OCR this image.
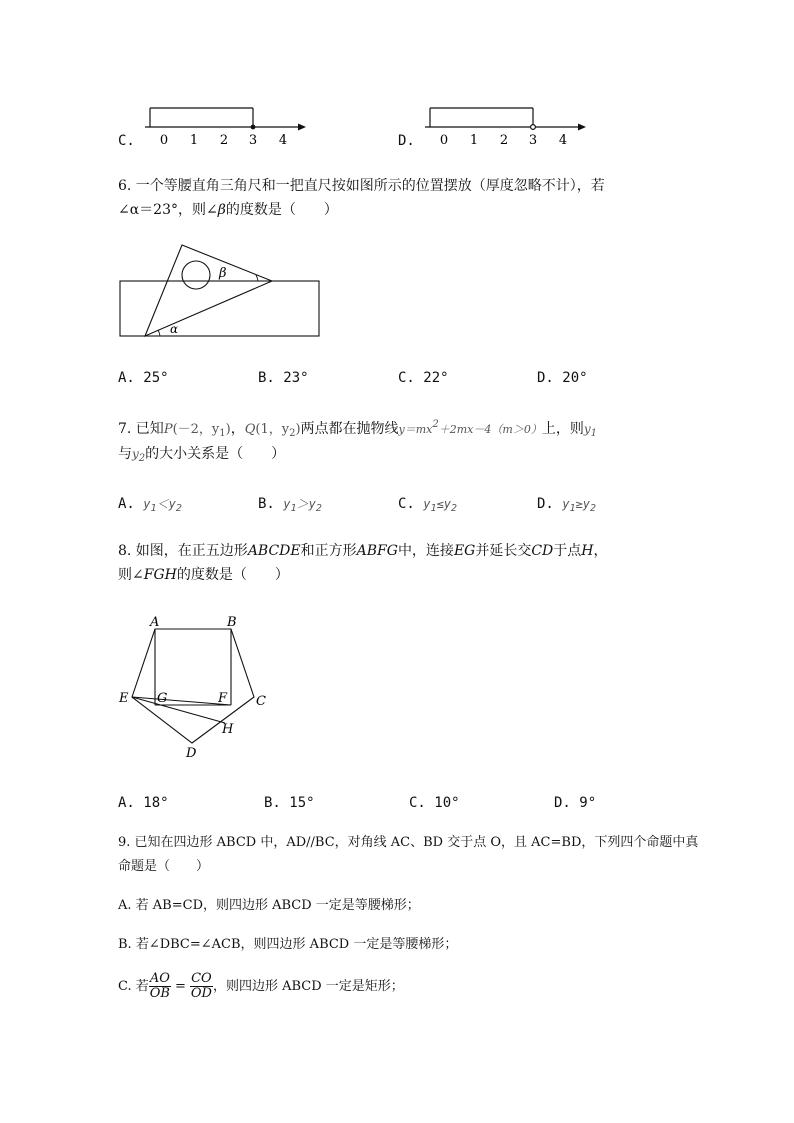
C. 0 1 2 3 4	D. 0 1 2 3 4
6. 一个等腰直角三角尺和一把直尺按如图所示的位置摆放（厚度忽略不计），若
∠α＝23°，则∠β的度数是（　　）
β
α
A. 25°	B. 23°	C. 22°	D. 20°
7. 已知P(－2，$y_1$)，Q(1，$y_2$)两点都在抛物线y＝mx2＋2mx－4（m＞0）上，则$y_1$
与$y_2$的大小关系是（　　）
A. $y_1<y_2$	B. $y_1>y_2$	C. $y_1\le y_2$	D. $y_1\ge y_2$
8. 如图，在正五边形ABCDE和正方形ABFG中，连接EG并延长交CD于点H，
则∠FGH的度数是（　　）
A	B
C
D
E	F
G
H
A. 18°	B. 15°	C. 10°	D. 9°
9. 已知在四边形 ABCD 中，AD//BC，对角线 AC、BD 交于点 O，且 AC=BD，下列四个命题中真
命题是（　　）
A. 若 AB=CD，则四边形 ABCD 一定是等腰梯形；
B. 若∠DBC=∠ACB，则四边形 ABCD 一定是等腰梯形；
C. 若 $\frac{AO}{OB} = \frac{CO}{OD}$ ，则四边形 ABCD 一定是矩形；
